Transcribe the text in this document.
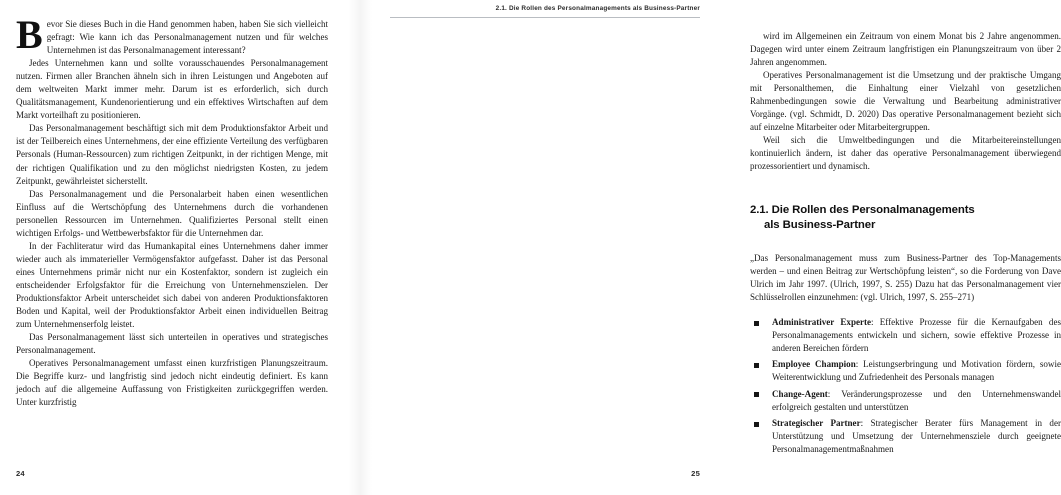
Bevor Sie dieses Buch in die Hand genommen haben, haben Sie sich vielleicht gefragt: Wie kann ich das Personalmanagement nutzen und für welches Unternehmen ist das Personalmanagement interessant?

Jedes Unternehmen kann und sollte vorausschauendes Personalmanagement nutzen. Firmen aller Branchen ähneln sich in ihren Leistungen und Angeboten auf dem weltweiten Markt immer mehr. Darum ist es erforderlich, sich durch Qualitätsmanagement, Kundenorientierung und ein effektives Wirtschaften auf dem Markt vorteilhaft zu positionieren.

Das Personalmanagement beschäftigt sich mit dem Produktionsfaktor Arbeit und ist der Teilbereich eines Unternehmens, der eine effiziente Verteilung des verfügbaren Personals (Human-Ressourcen) zum richtigen Zeitpunkt, in der richtigen Menge, mit der richtigen Qualifikation und zu den möglichst niedrigsten Kosten, zu jedem Zeitpunkt, gewährleistet sicherstellt.

Das Personalmanagement und die Personalarbeit haben einen wesentlichen Einfluss auf die Wertschöpfung des Unternehmens durch die vorhandenen personellen Ressourcen im Unternehmen. Qualifiziertes Personal stellt einen wichtigen Erfolgs- und Wettbewerbsfaktor für die Unternehmen dar.

In der Fachliteratur wird das Humankapital eines Unternehmens daher immer wieder auch als immaterieller Vermögensfaktor aufgefasst. Daher ist das Personal eines Unternehmens primär nicht nur ein Kostenfaktor, sondern ist zugleich ein entscheidender Erfolgsfaktor für die Erreichung von Unternehmenszielen. Der Produktionsfaktor Arbeit unterscheidet sich dabei von anderen Produktionsfaktoren Boden und Kapital, weil der Produktionsfaktor Arbeit einen individuellen Beitrag zum Unternehmenserfolg leistet.

Das Personalmanagement lässt sich unterteilen in operatives und strategisches Personalmanagement.

Operatives Personalmanagement umfasst einen kurzfristigen Planungszeitraum. Die Begriffe kurz- und langfristig sind jedoch nicht eindeutig definiert. Es kann jedoch auf die allgemeine Auffassung von Fristigkeiten zurückgegriffen werden. Unter kurzfristig

24
2.1. Die Rollen des Personalmanagements als Business-Partner

wird im Allgemeinen ein Zeitraum von einem Monat bis 2 Jahre angenommen. Dagegen wird unter einem Zeitraum langfristigen ein Planungszeitraum von über 2 Jahren angenommen.

Operatives Personalmanagement ist die Umsetzung und der praktische Umgang mit Personalthemen, die Einhaltung einer Vielzahl von gesetzlichen Rahmenbedingungen sowie die Verwaltung und Bearbeitung administrativer Vorgänge. (vgl. Schmidt, D. 2020) Das operative Personalmanagement bezieht sich auf einzelne Mitarbeiter oder Mitarbeitergruppen.

Weil sich die Umweltbedingungen und die Mitarbeitereinstellungen kontinuierlich ändern, ist daher das operative Personalmanagement überwiegend prozessorientiert und dynamisch.

2.1. Die Rollen des Personalmanagements
als Business-Partner

„Das Personalmanagement muss zum Business-Partner des Top-Managements werden – und einen Beitrag zur Wertschöpfung leisten“, so die Forderung von Dave Ulrich im Jahr 1997. (Ulrich, 1997, S. 255) Dazu hat das Personalmanagement vier Schlüsselrollen einzunehmen: (vgl. Ulrich, 1997, S. 255–271)

Administrativer Experte: Effektive Prozesse für die Kernaufgaben des Personalmanagements entwickeln und sichern, sowie effektive Prozesse in anderen Bereichen fördern
Employee Champion: Leistungserbringung und Motivation fördern, sowie Weiterentwicklung und Zufriedenheit des Personals managen
Change-Agent: Veränderungsprozesse und den Unternehmenswandel erfolgreich gestalten und unterstützen
Strategischer Partner: Strategischer Berater fürs Management in der Unterstützung und Umsetzung der Unternehmensziele durch geeignete Personalmanagementmaßnahmen
25
